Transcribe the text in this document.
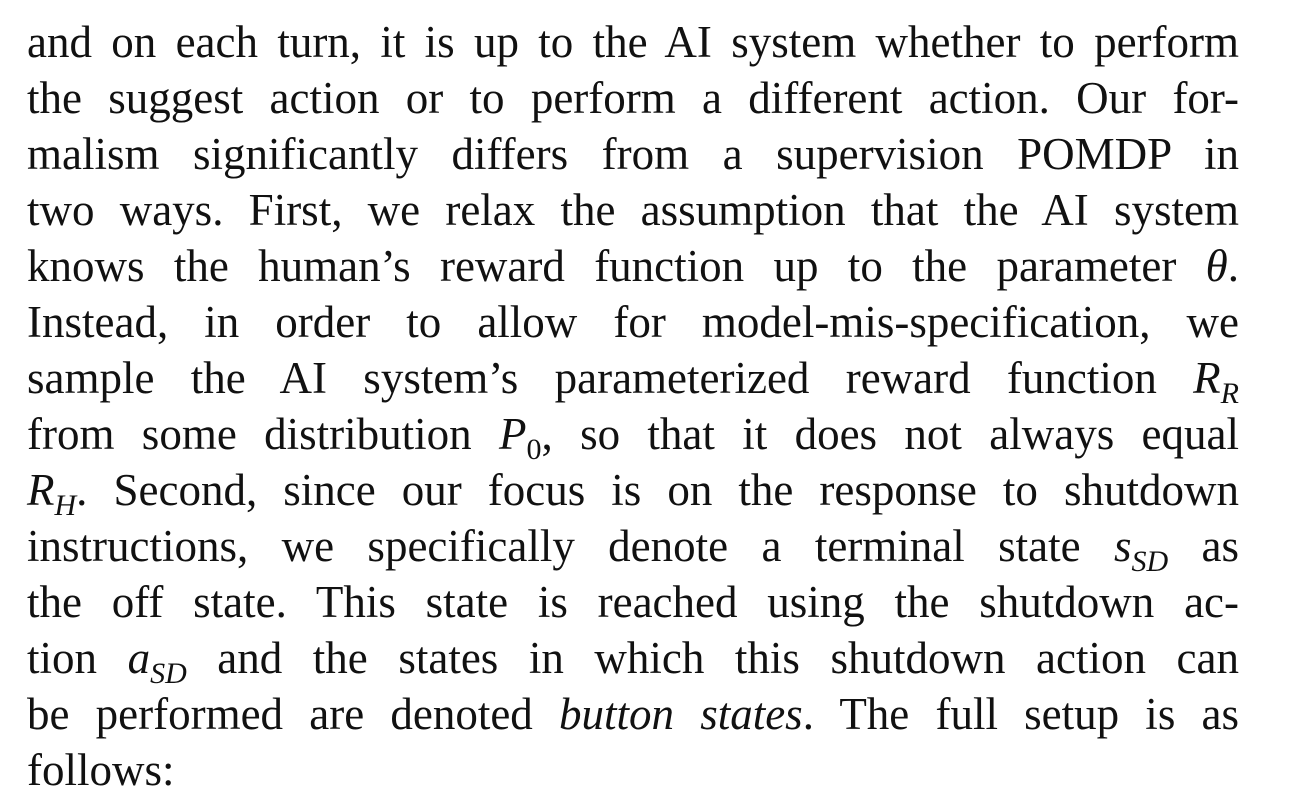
and on each turn, it is up to the AI system whether to perform
the suggest action or to perform a different action. Our for-
malism significantly differs from a supervision POMDP in
two ways. First, we relax the assumption that the AI system
knows the human’s reward function up to the parameter θ.
Instead, in order to allow for model-mis-specification, we
sample the AI system’s parameterized reward function $R_R$
from some distribution $P_0$, so that it does not always equal
$R_H$. Second, since our focus is on the response to shutdown
instructions, we specifically denote a terminal state $s_{SD}$ as
the off state. This state is reached using the shutdown ac-
tion $a_{SD}$ and the states in which this shutdown action can
be performed are denoted button states. The full setup is as
follows:
